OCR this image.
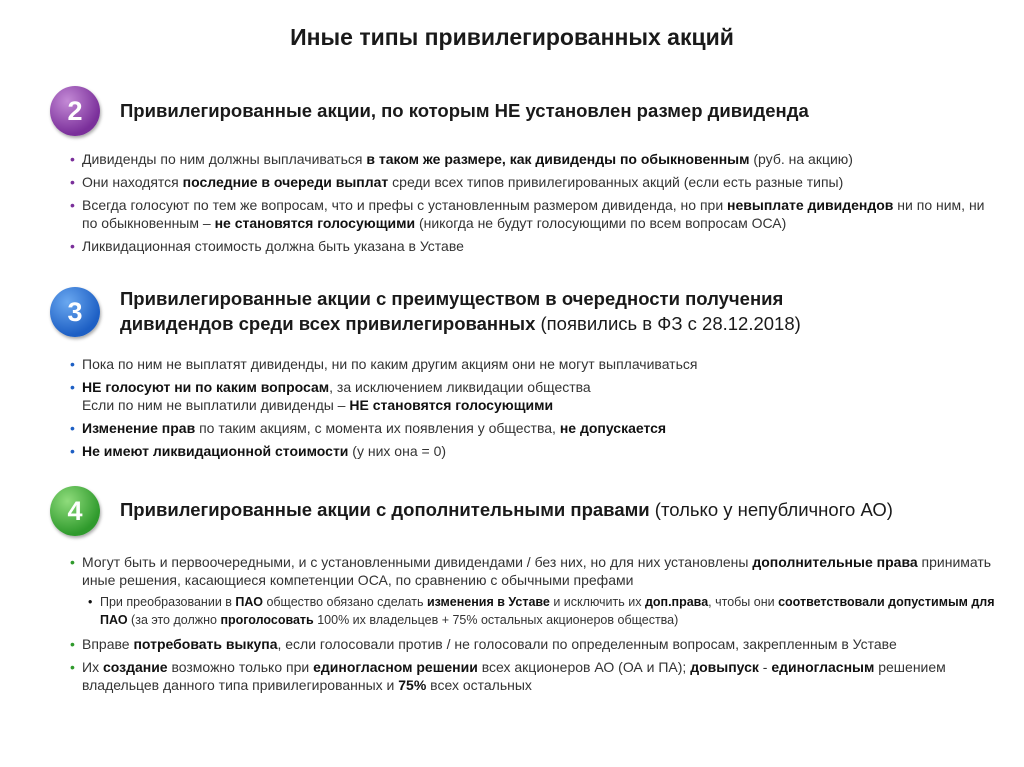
Иные типы привилегированных акций
2	Привилегированные акции, по которым НЕ установлен размер дивиденда
• Дивиденды по ним должны выплачиваться в таком же размере, как дивиденды по обыкновенным (руб. на акцию)
• Они находятся последние в очереди выплат среди всех типов привилегированных акций (если есть разные типы)
• Всегда голосуют по тем же вопросам, что и префы с установленным размером дивиденда, но при невыплате дивидендов ни по ним, ни по обыкновенным – не становятся голосующими (никогда не будут голосующими по всем вопросам ОСА)
• Ликвидационная стоимость должна быть указана в Уставе
3	Привилегированные акции с преимуществом в очередности получения
дивидендов среди всех привилегированных (появились в ФЗ с 28.12.2018)
• Пока по ним не выплатят дивиденды, ни по каким другим акциям они не могут выплачиваться
• НЕ голосуют ни по каким вопросам, за исключением ликвидации общества
Если по ним не выплатили дивиденды – НЕ становятся голосующими
• Изменение прав по таким акциям, с момента их появления у общества, не допускается
• Не имеют ликвидационной стоимости (у них она = 0)
4	Привилегированные акции с дополнительными правами (только у непубличного АО)
• Могут быть и первоочередными, и с установленными дивидендами / без них, но для них установлены дополнительные права принимать иные решения, касающиеся компетенции ОСА, по сравнению с обычными префами
• При преобразовании в ПАО общество обязано сделать изменения в Уставе и исключить их доп.права, чтобы они соответствовали допустимым для ПАО (за это должно проголосовать 100% их владельцев + 75% остальных акционеров общества)
• Вправе потребовать выкупа, если голосовали против / не голосовали по определенным вопросам, закрепленным в Уставе
• Их создание возможно только при единогласном решении всех акционеров АО (ОА и ПА); довыпуск - единогласным решением владельцев данного типа привилегированных и 75% всех остальных
